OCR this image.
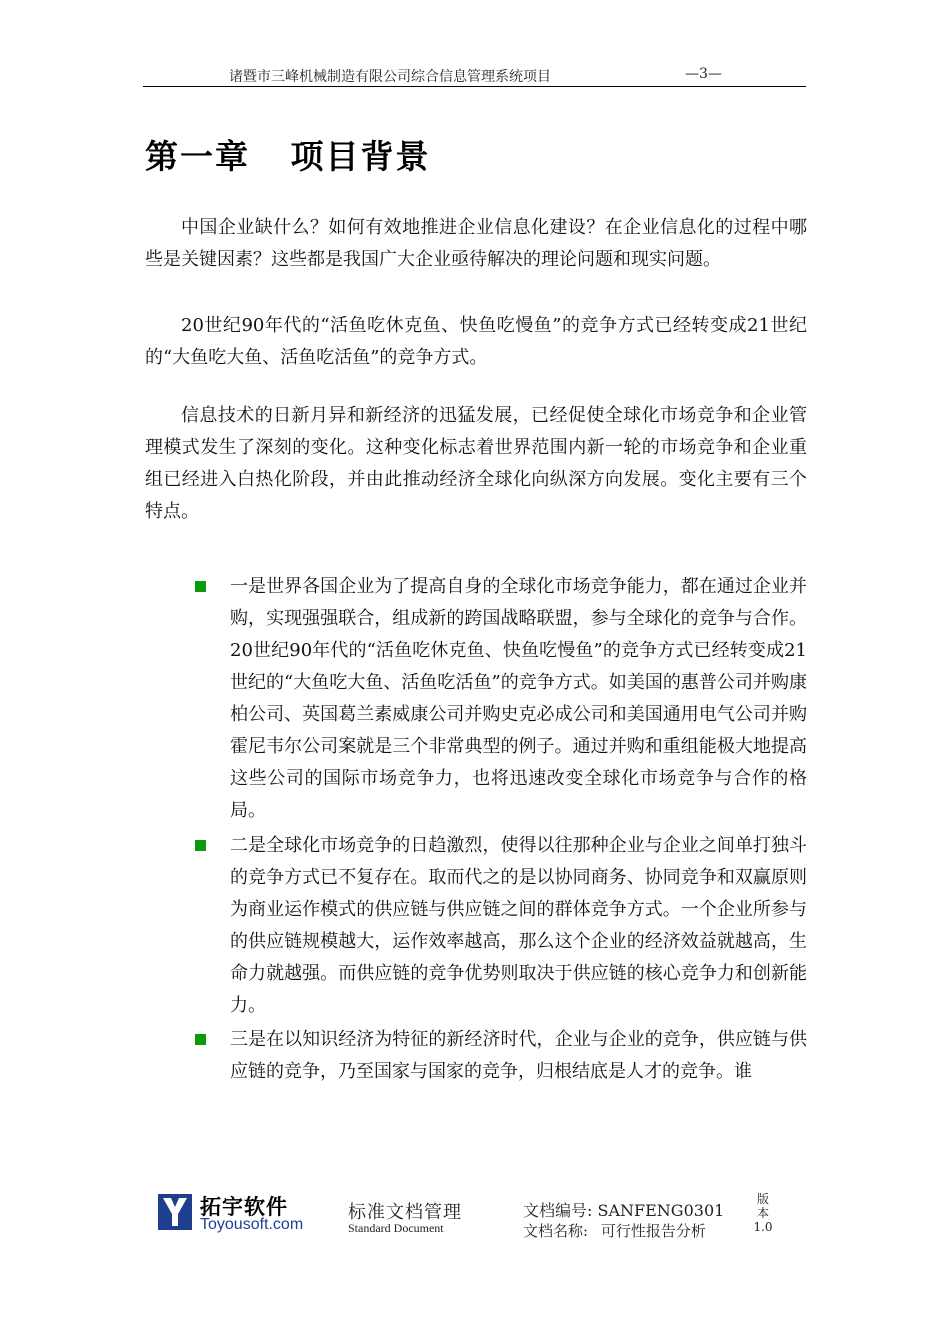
诸暨市三峰机械制造有限公司综合信息管理系统项目	—3—
第一章   项目背景

中国企业缺什么？如何有效地推进企业信息化建设？在企业信息化的过程中哪些是关键因素？这些都是我国广大企业亟待解决的理论问题和现实问题。

20世纪90年代的“活鱼吃休克鱼、快鱼吃慢鱼”的竞争方式已经转变成21世纪的“大鱼吃大鱼、活鱼吃活鱼”的竞争方式。

信息技术的日新月异和新经济的迅猛发展，已经促使全球化市场竞争和企业管理模式发生了深刻的变化。这种变化标志着世界范围内新一轮的市场竞争和企业重组已经进入白热化阶段，并由此推动经济全球化向纵深方向发展。变化主要有三个特点。

一是世界各国企业为了提高自身的全球化市场竞争能力，都在通过企业并购，实现强强联合，组成新的跨国战略联盟，参与全球化的竞争与合作。20世纪90年代的“活鱼吃休克鱼、快鱼吃慢鱼”的竞争方式已经转变成21世纪的“大鱼吃大鱼、活鱼吃活鱼”的竞争方式。如美国的惠普公司并购康柏公司、英国葛兰素威康公司并购史克必成公司和美国通用电气公司并购霍尼韦尔公司案就是三个非常典型的例子。通过并购和重组能极大地提高这些公司的国际市场竞争力，也将迅速改变全球化市场竞争与合作的格局。
二是全球化市场竞争的日趋激烈，使得以往那种企业与企业之间单打独斗的竞争方式已不复存在。取而代之的是以协同商务、协同竞争和双赢原则为商业运作模式的供应链与供应链之间的群体竞争方式。一个企业所参与的供应链规模越大，运作效率越高，那么这个企业的经济效益就越高，生命力就越强。而供应链的竞争优势则取决于供应链的核心竞争力和创新能力。
三是在以知识经济为特征的新经济时代，企业与企业的竞争，供应链与供应链的竞争，乃至国家与国家的竞争，归根结底是人才的竞争。谁
拓宇软件
Toyousoft.com
标准文档管理
Standard Document
文档编号: SANFENG0301
文档名称: 可行性报告分析
版
本
1.0
